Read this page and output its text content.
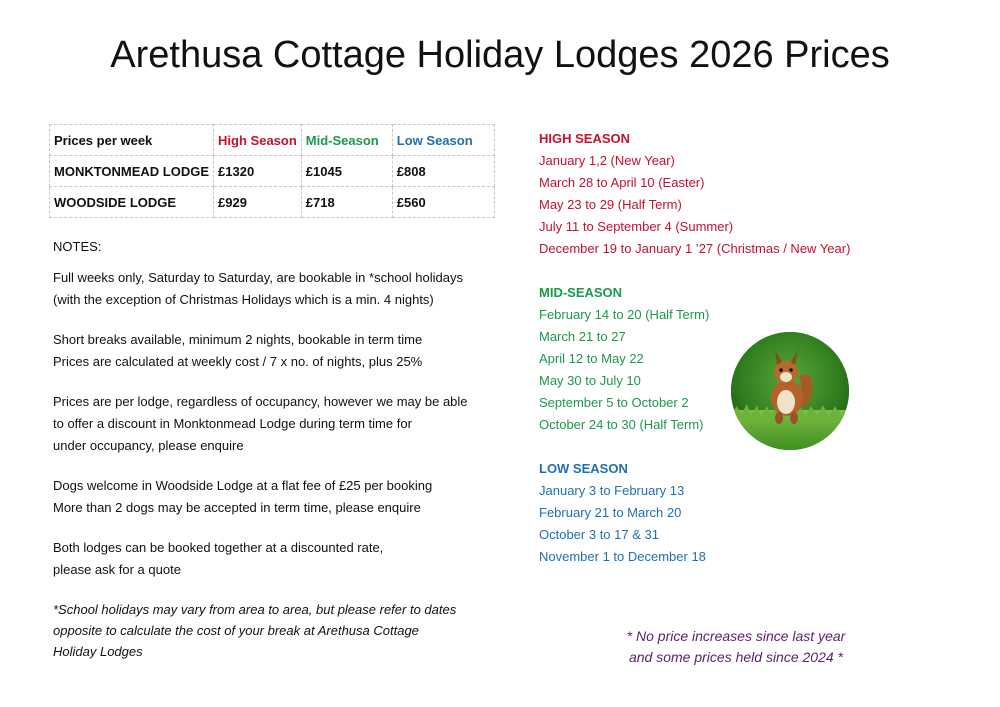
Arethusa Cottage Holiday Lodges 2026 Prices
Prices per week	High Season	Mid-Season	Low Season
MONKTONMEAD LODGE	£1320	£1045	£808
WOODSIDE LODGE	£929	£718	£560

NOTES:

Full weeks only, Saturday to Saturday, are bookable in *school holidays
(with the exception of Christmas Holidays which is a min. 4 nights)

Short breaks available, minimum 2 nights, bookable in term time
Prices are calculated at weekly cost / 7 x no. of nights, plus 25%

Prices are per lodge, regardless of occupancy, however we may be able
to offer a discount in Monktonmead Lodge during term time for
under occupancy, please enquire

Dogs welcome in Woodside Lodge at a flat fee of £25 per booking
More than 2 dogs may be accepted in term time, please enquire

Both lodges can be booked together at a discounted rate,
please ask for a quote

*School holidays may vary from area to area, but please refer to dates
opposite to calculate the cost of your break at Arethusa Cottage
Holiday Lodges

HIGH SEASON
January 1,2 (New Year)
March 28 to April 10 (Easter)
May 23 to 29 (Half Term)
July 11 to September 4 (Summer)
December 19 to January 1 ’27 (Christmas / New Year)
MID-SEASON
February 14 to 20 (Half Term)
March 21 to 27
April 12 to May 22
May 30 to July 10
September 5 to October 2
October 24 to 30 (Half Term)
LOW SEASON
January 3 to February 13
February 21 to March 20
October 3 to 17 & 31
November 1 to December 18
* No price increases since last year
and some prices held since 2024 *
